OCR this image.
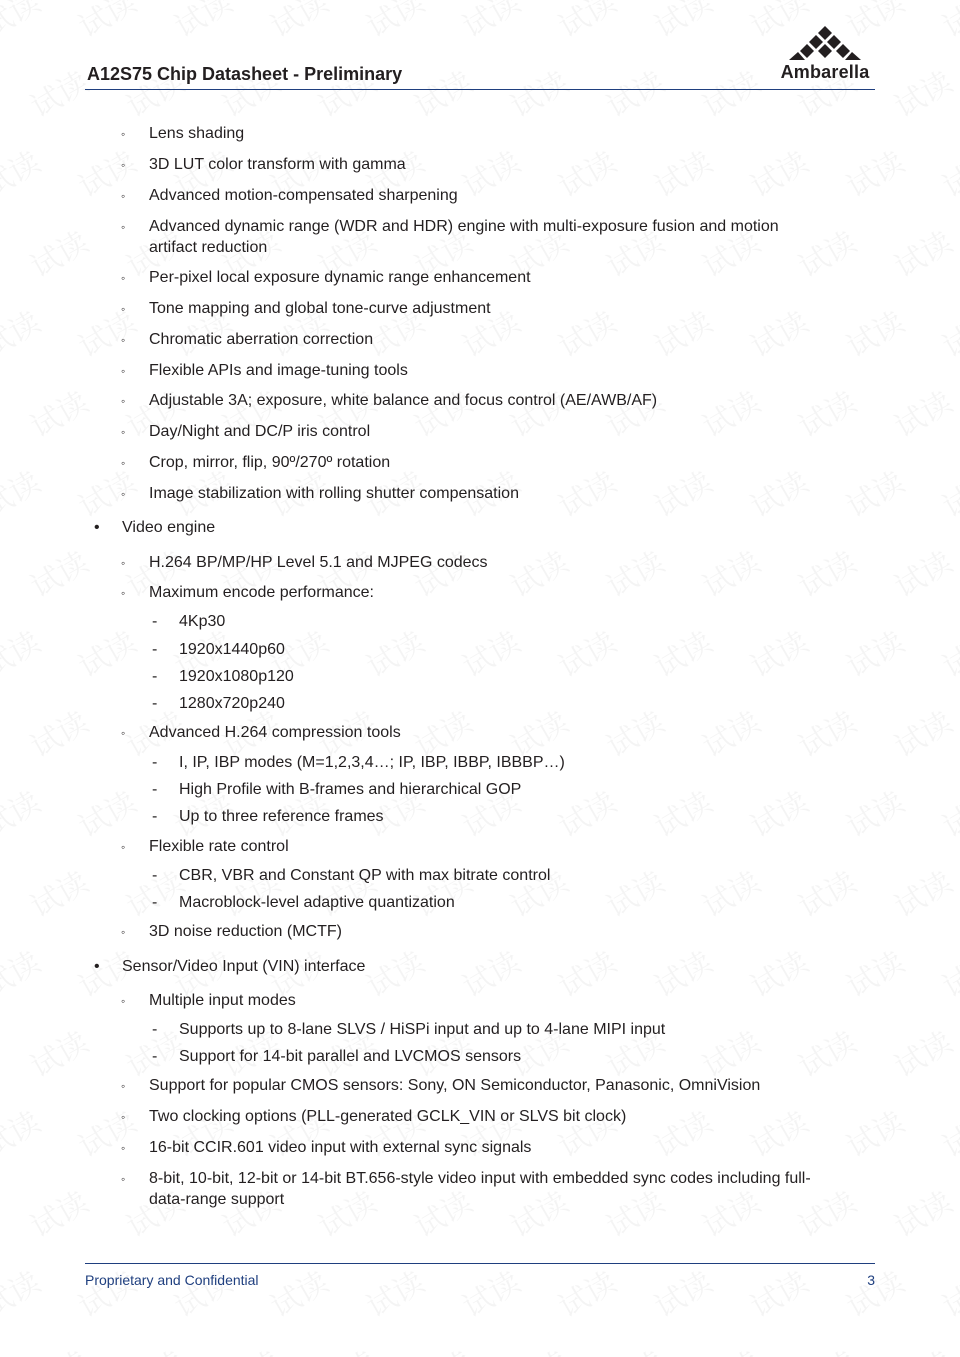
A12S75 Chip Datasheet - Preliminary	Ambarella
◦ Lens shading
◦ 3D LUT color transform with gamma
◦ Advanced motion-compensated sharpening
◦ Advanced dynamic range (WDR and HDR) engine with multi-exposure fusion and motion artifact reduction
◦ Per-pixel local exposure dynamic range enhancement
◦ Tone mapping and global tone-curve adjustment
◦ Chromatic aberration correction
◦ Flexible APIs and image-tuning tools
◦ Adjustable 3A; exposure, white balance and focus control (AE/AWB/AF)
◦ Day/Night and DC/P iris control
◦ Crop, mirror, flip, 90º/270º rotation
◦ Image stabilization with rolling shutter compensation
• Video engine
◦ H.264 BP/MP/HP Level 5.1 and MJPEG codecs
◦ Maximum encode performance:
- 4Kp30
- 1920x1440p60
- 1920x1080p120
- 1280x720p240
◦ Advanced H.264 compression tools
- I, IP, IBP modes (M=1,2,3,4…; IP, IBP, IBBP, IBBBP…)
- High Profile with B-frames and hierarchical GOP
- Up to three reference frames
◦ Flexible rate control
- CBR, VBR and Constant QP with max bitrate control
- Macroblock-level adaptive quantization
◦ 3D noise reduction (MCTF)
• Sensor/Video Input (VIN) interface
◦ Multiple input modes
- Supports up to 8-lane SLVS / HiSPi input and up to 4-lane MIPI input
- Support for 14-bit parallel and LVCMOS sensors
◦ Support for popular CMOS sensors: Sony, ON Semiconductor, Panasonic, OmniVision
◦ Two clocking options (PLL-generated GCLK_VIN or SLVS bit clock)
◦ 16-bit CCIR.601 video input with external sync signals
◦ 8-bit, 10-bit, 12-bit or 14-bit BT.656-style video input with embedded sync codes including full-data-range support
Proprietary and Confidential	3
